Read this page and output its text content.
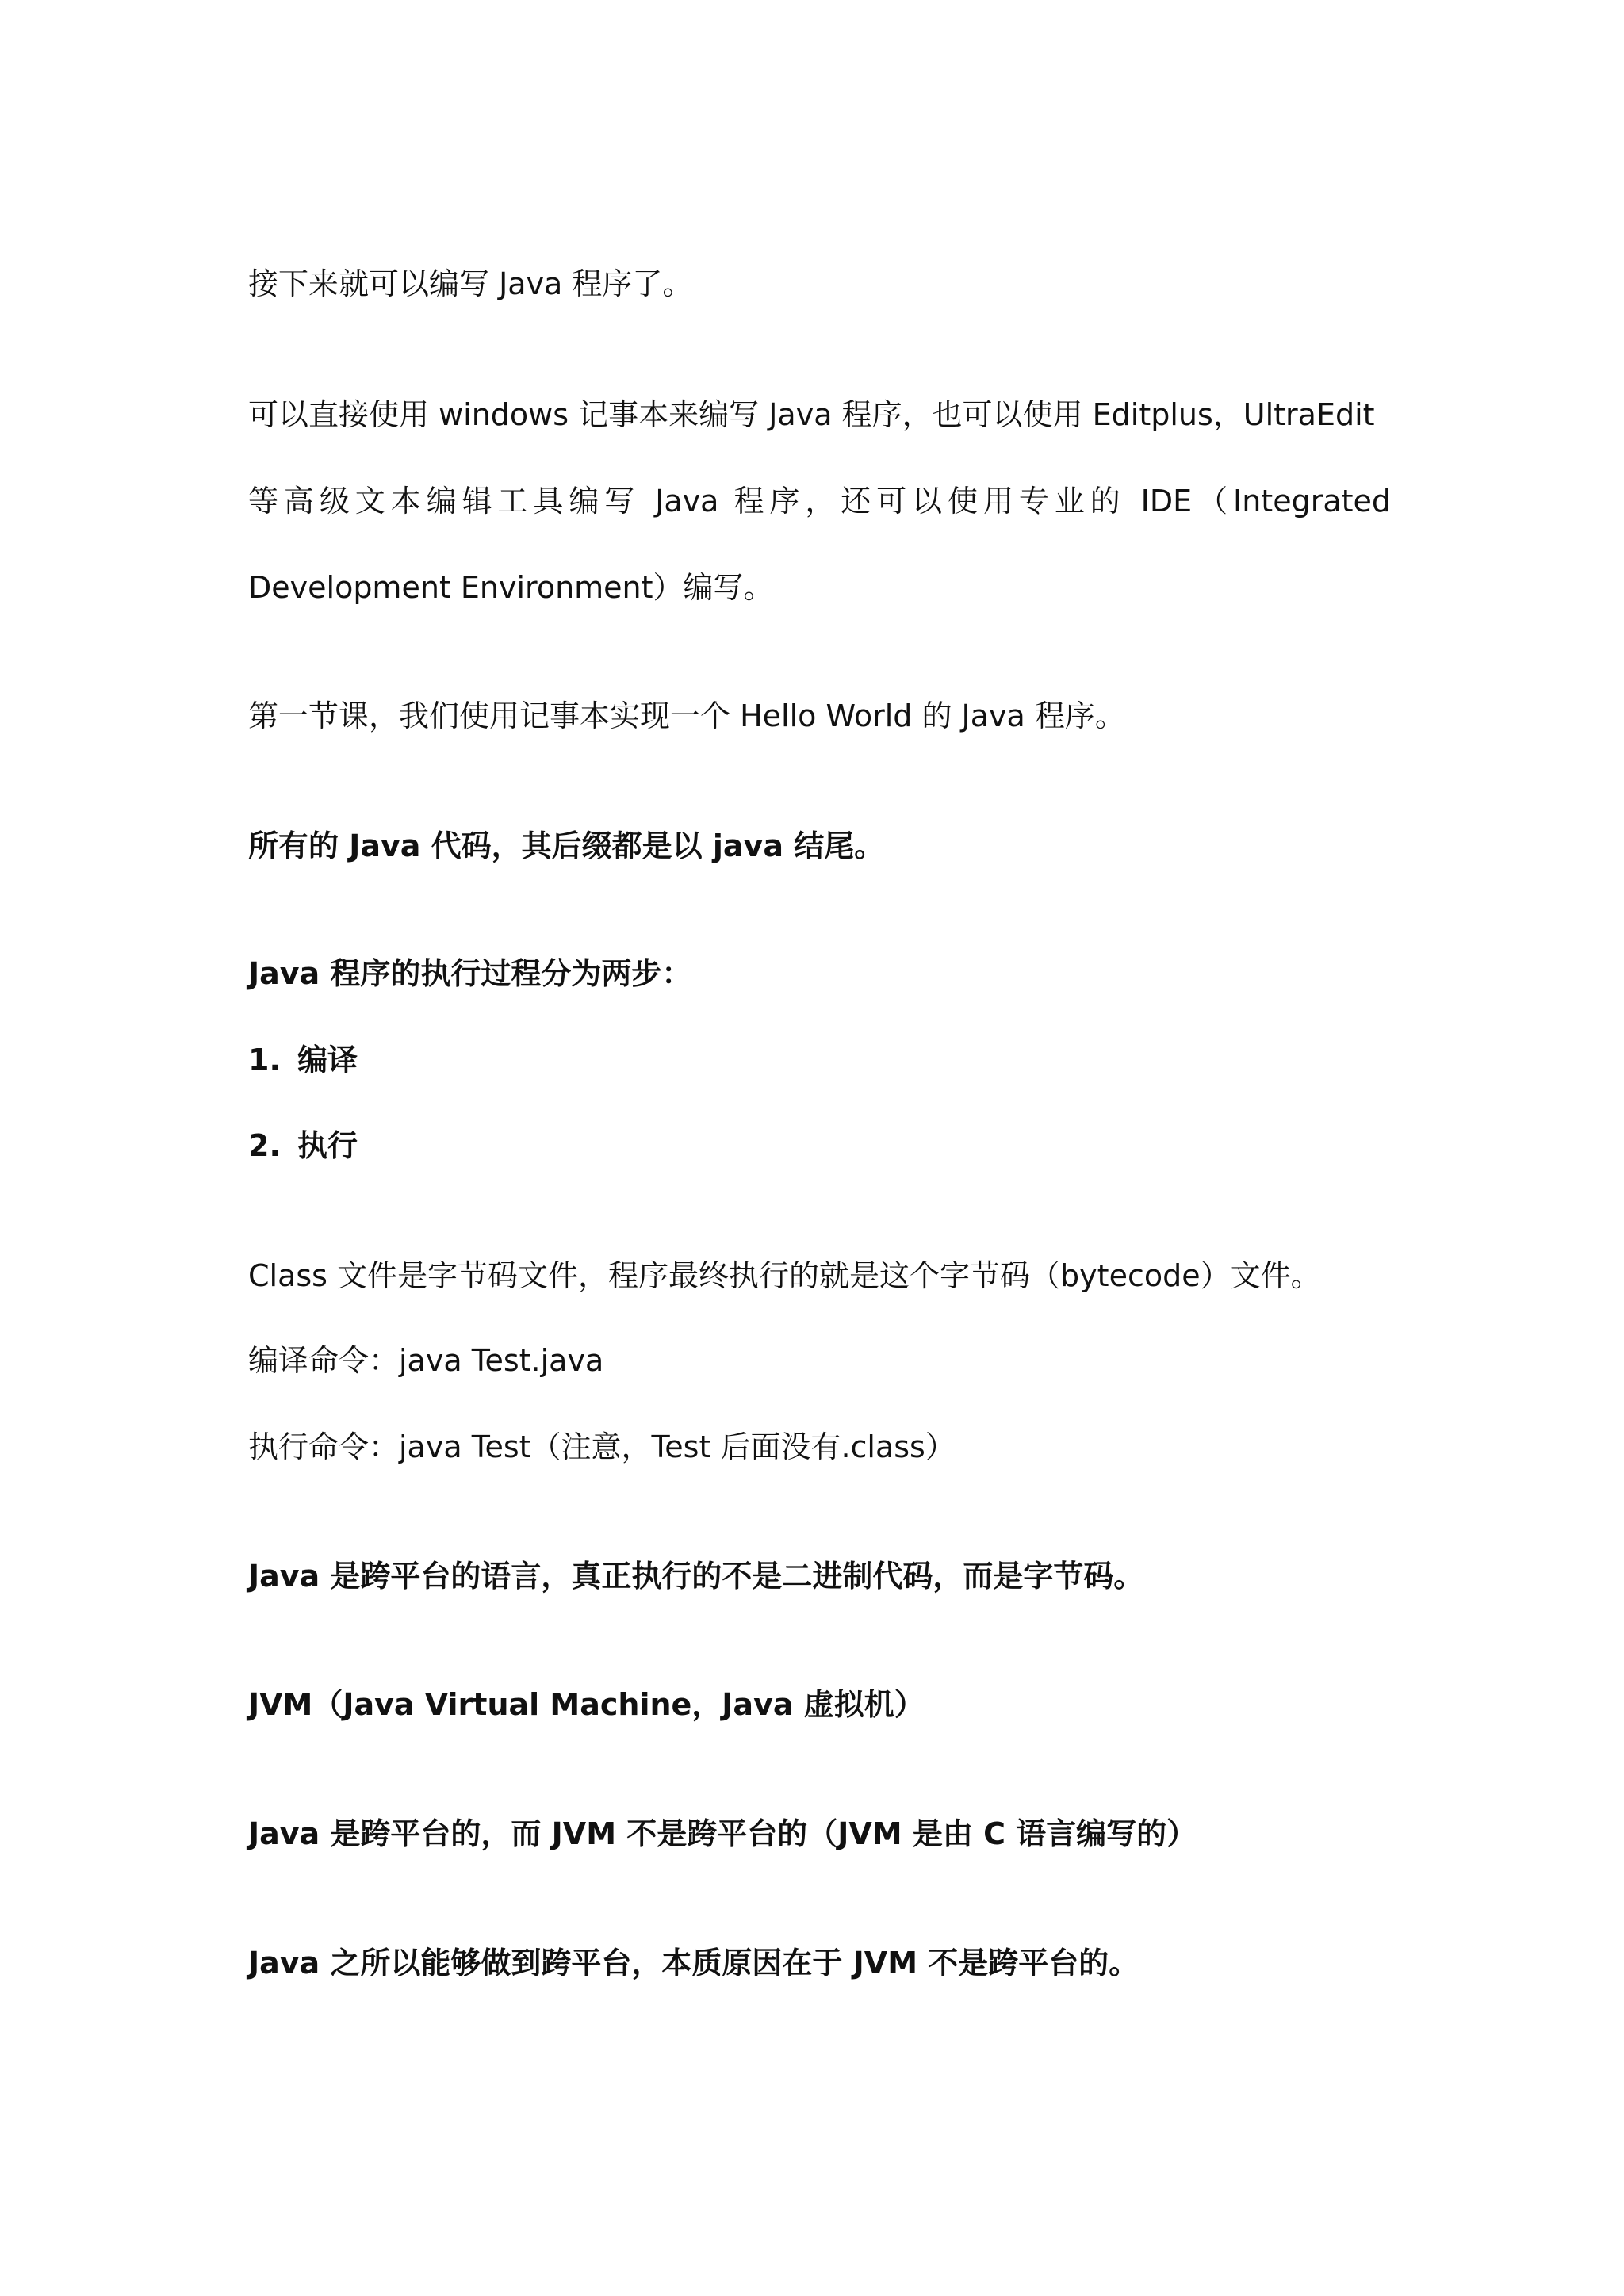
接下来就可以编写 Java 程序了。
可以直接使用 windows 记事本来编写 Java 程序，也可以使用 Editplus，UltraEdit
等高级文本编辑工具编写 Java 程序，还可以使用专业的 IDE（Integrated
Development Environment）编写。
第一节课，我们使用记事本实现一个 Hello World 的 Java 程序。
所有的 Java 代码，其后缀都是以 java 结尾。
Java 程序的执行过程分为两步：
1. 编译
2. 执行
Class 文件是字节码文件，程序最终执行的就是这个字节码（bytecode）文件。
编译命令：java Test.java
执行命令：java Test（注意，Test 后面没有.class）
Java 是跨平台的语言，真正执行的不是二进制代码，而是字节码。
JVM（Java Virtual Machine，Java 虚拟机）
Java 是跨平台的，而 JVM 不是跨平台的（JVM 是由 C 语言编写的）
Java 之所以能够做到跨平台，本质原因在于 JVM 不是跨平台的。
